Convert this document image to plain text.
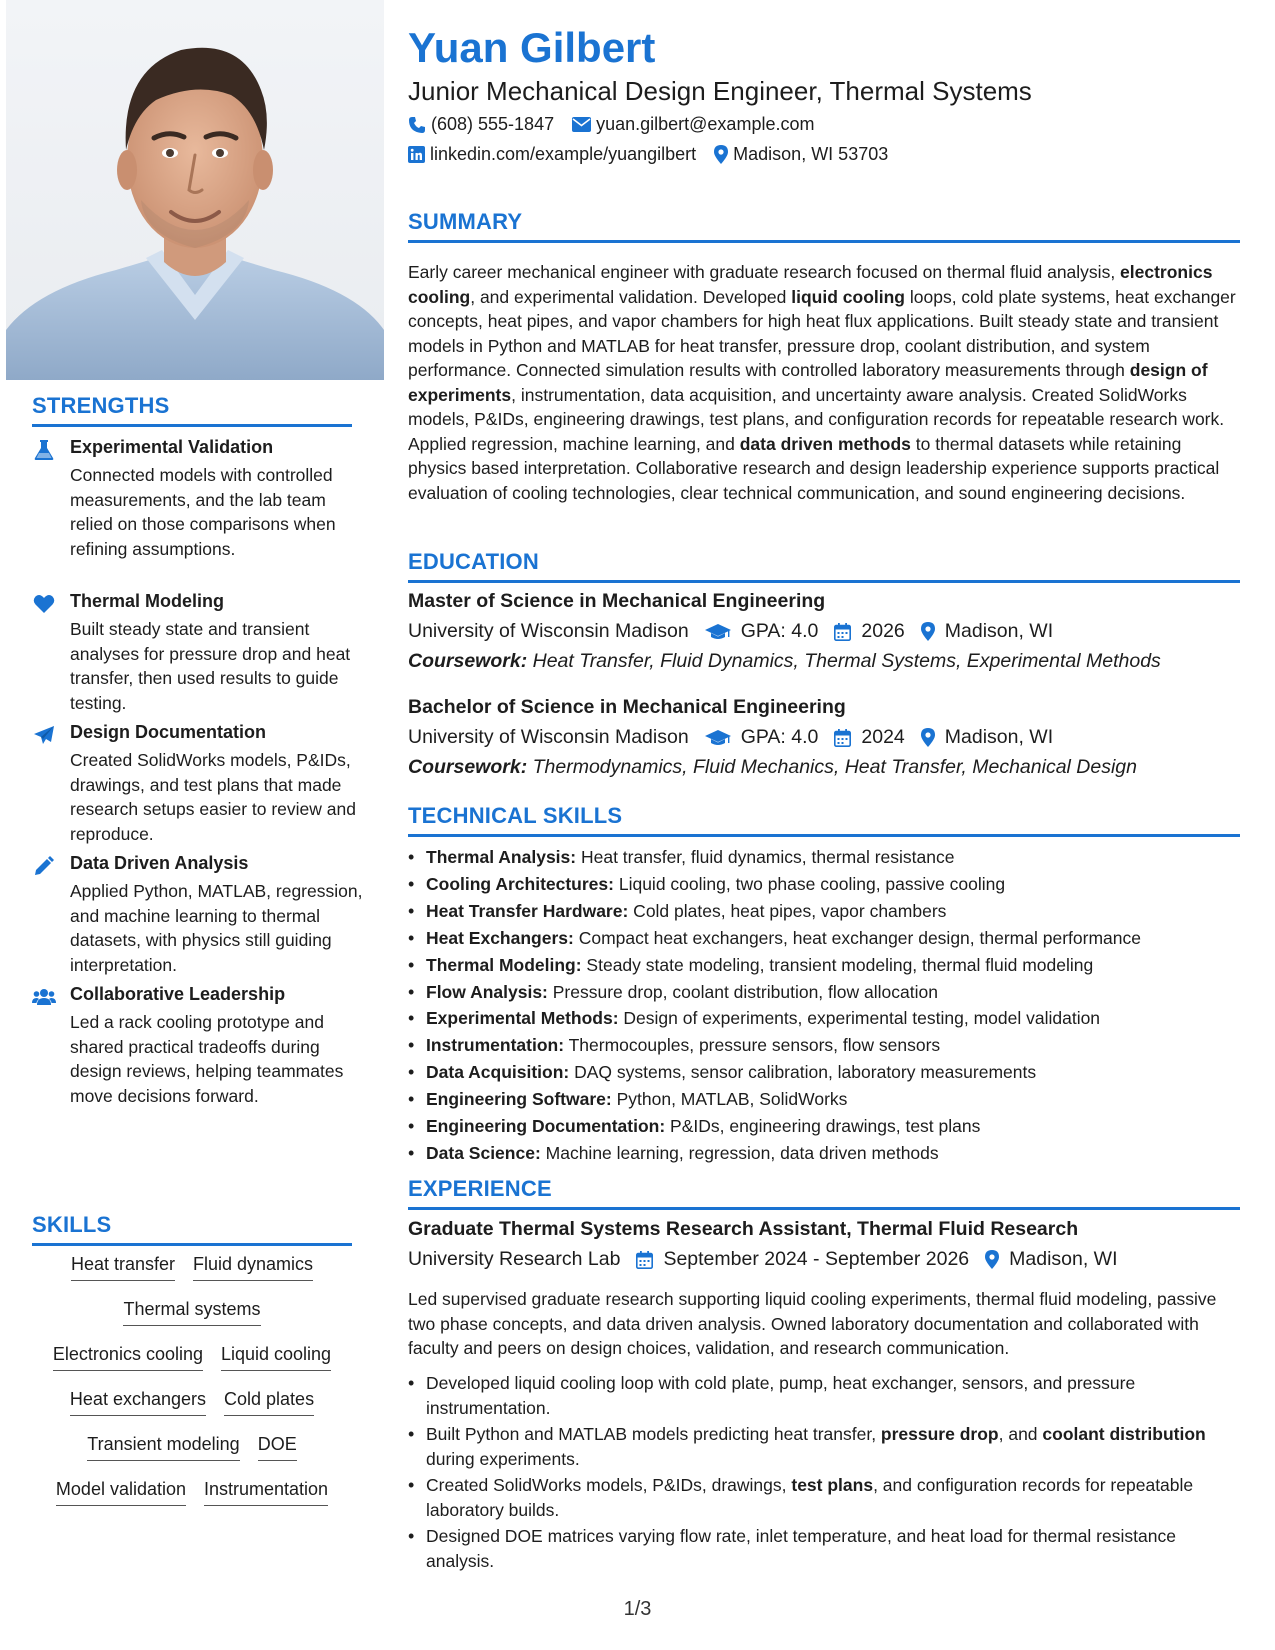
STRENGTHS
Experimental Validation
Connected models with controlled measurements, and the lab team relied on those comparisons when refining assumptions.
Thermal Modeling
Built steady state and transient analyses for pressure drop and heat transfer, then used results to guide testing.
Design Documentation
Created SolidWorks models, P&IDs, drawings, and test plans that made research setups easier to review and reproduce.
Data Driven Analysis
Applied Python, MATLAB, regression, and machine learning to thermal datasets, with physics still guiding interpretation.
Collaborative Leadership
Led a rack cooling prototype and shared practical tradeoffs during design reviews, helping teammates move decisions forward.
SKILLS
Heat transfer Fluid dynamics
Thermal systems
Electronics cooling Liquid cooling
Heat exchangers Cold plates
Transient modeling DOE
Model validation Instrumentation
Yuan Gilbert
Junior Mechanical Design Engineer, Thermal Systems
(608) 555-1847 yuan.gilbert@example.com
linkedin.com/example/yuangilbert Madison, WI 53703
SUMMARY
Early career mechanical engineer with graduate research focused on thermal fluid analysis, electronics cooling, and experimental validation. Developed liquid cooling loops, cold plate systems, heat exchanger concepts, heat pipes, and vapor chambers for high heat flux applications. Built steady state and transient models in Python and MATLAB for heat transfer, pressure drop, coolant distribution, and system performance. Connected simulation results with controlled laboratory measurements through design of experiments, instrumentation, data acquisition, and uncertainty aware analysis. Created SolidWorks models, P&IDs, engineering drawings, test plans, and configuration records for repeatable research work. Applied regression, machine learning, and data driven methods to thermal datasets while retaining physics based interpretation. Collaborative research and design leadership experience supports practical evaluation of cooling technologies, clear technical communication, and sound engineering decisions.
EDUCATION
Master of Science in Mechanical Engineering
University of Wisconsin Madison	GPA: 4.0 2026 Madison, WI
Coursework: Heat Transfer, Fluid Dynamics, Thermal Systems, Experimental Methods
Bachelor of Science in Mechanical Engineering
University of Wisconsin Madison	GPA: 4.0 2024 Madison, WI
Coursework: Thermodynamics, Fluid Mechanics, Heat Transfer, Mechanical Design
TECHNICAL SKILLS
• Thermal Analysis: Heat transfer, fluid dynamics, thermal resistance
• Cooling Architectures: Liquid cooling, two phase cooling, passive cooling
• Heat Transfer Hardware: Cold plates, heat pipes, vapor chambers
• Heat Exchangers: Compact heat exchangers, heat exchanger design, thermal performance
• Thermal Modeling: Steady state modeling, transient modeling, thermal fluid modeling
• Flow Analysis: Pressure drop, coolant distribution, flow allocation
• Experimental Methods: Design of experiments, experimental testing, model validation
• Instrumentation: Thermocouples, pressure sensors, flow sensors
• Data Acquisition: DAQ systems, sensor calibration, laboratory measurements
• Engineering Software: Python, MATLAB, SolidWorks
• Engineering Documentation: P&IDs, engineering drawings, test plans
• Data Science: Machine learning, regression, data driven methods
EXPERIENCE
Graduate Thermal Systems Research Assistant, Thermal Fluid Research
University Research Lab September 2024 - September 2026 Madison, WI
Led supervised graduate research supporting liquid cooling experiments, thermal fluid modeling, passive two phase concepts, and data driven analysis. Owned laboratory documentation and collaborated with faculty and peers on design choices, validation, and research communication.
• Developed liquid cooling loop with cold plate, pump, heat exchanger, sensors, and pressure instrumentation.
• Built Python and MATLAB models predicting heat transfer, pressure drop, and coolant distribution during experiments.
• Created SolidWorks models, P&IDs, drawings, test plans, and configuration records for repeatable laboratory builds.
• Designed DOE matrices varying flow rate, inlet temperature, and heat load for thermal resistance analysis.
1/3
